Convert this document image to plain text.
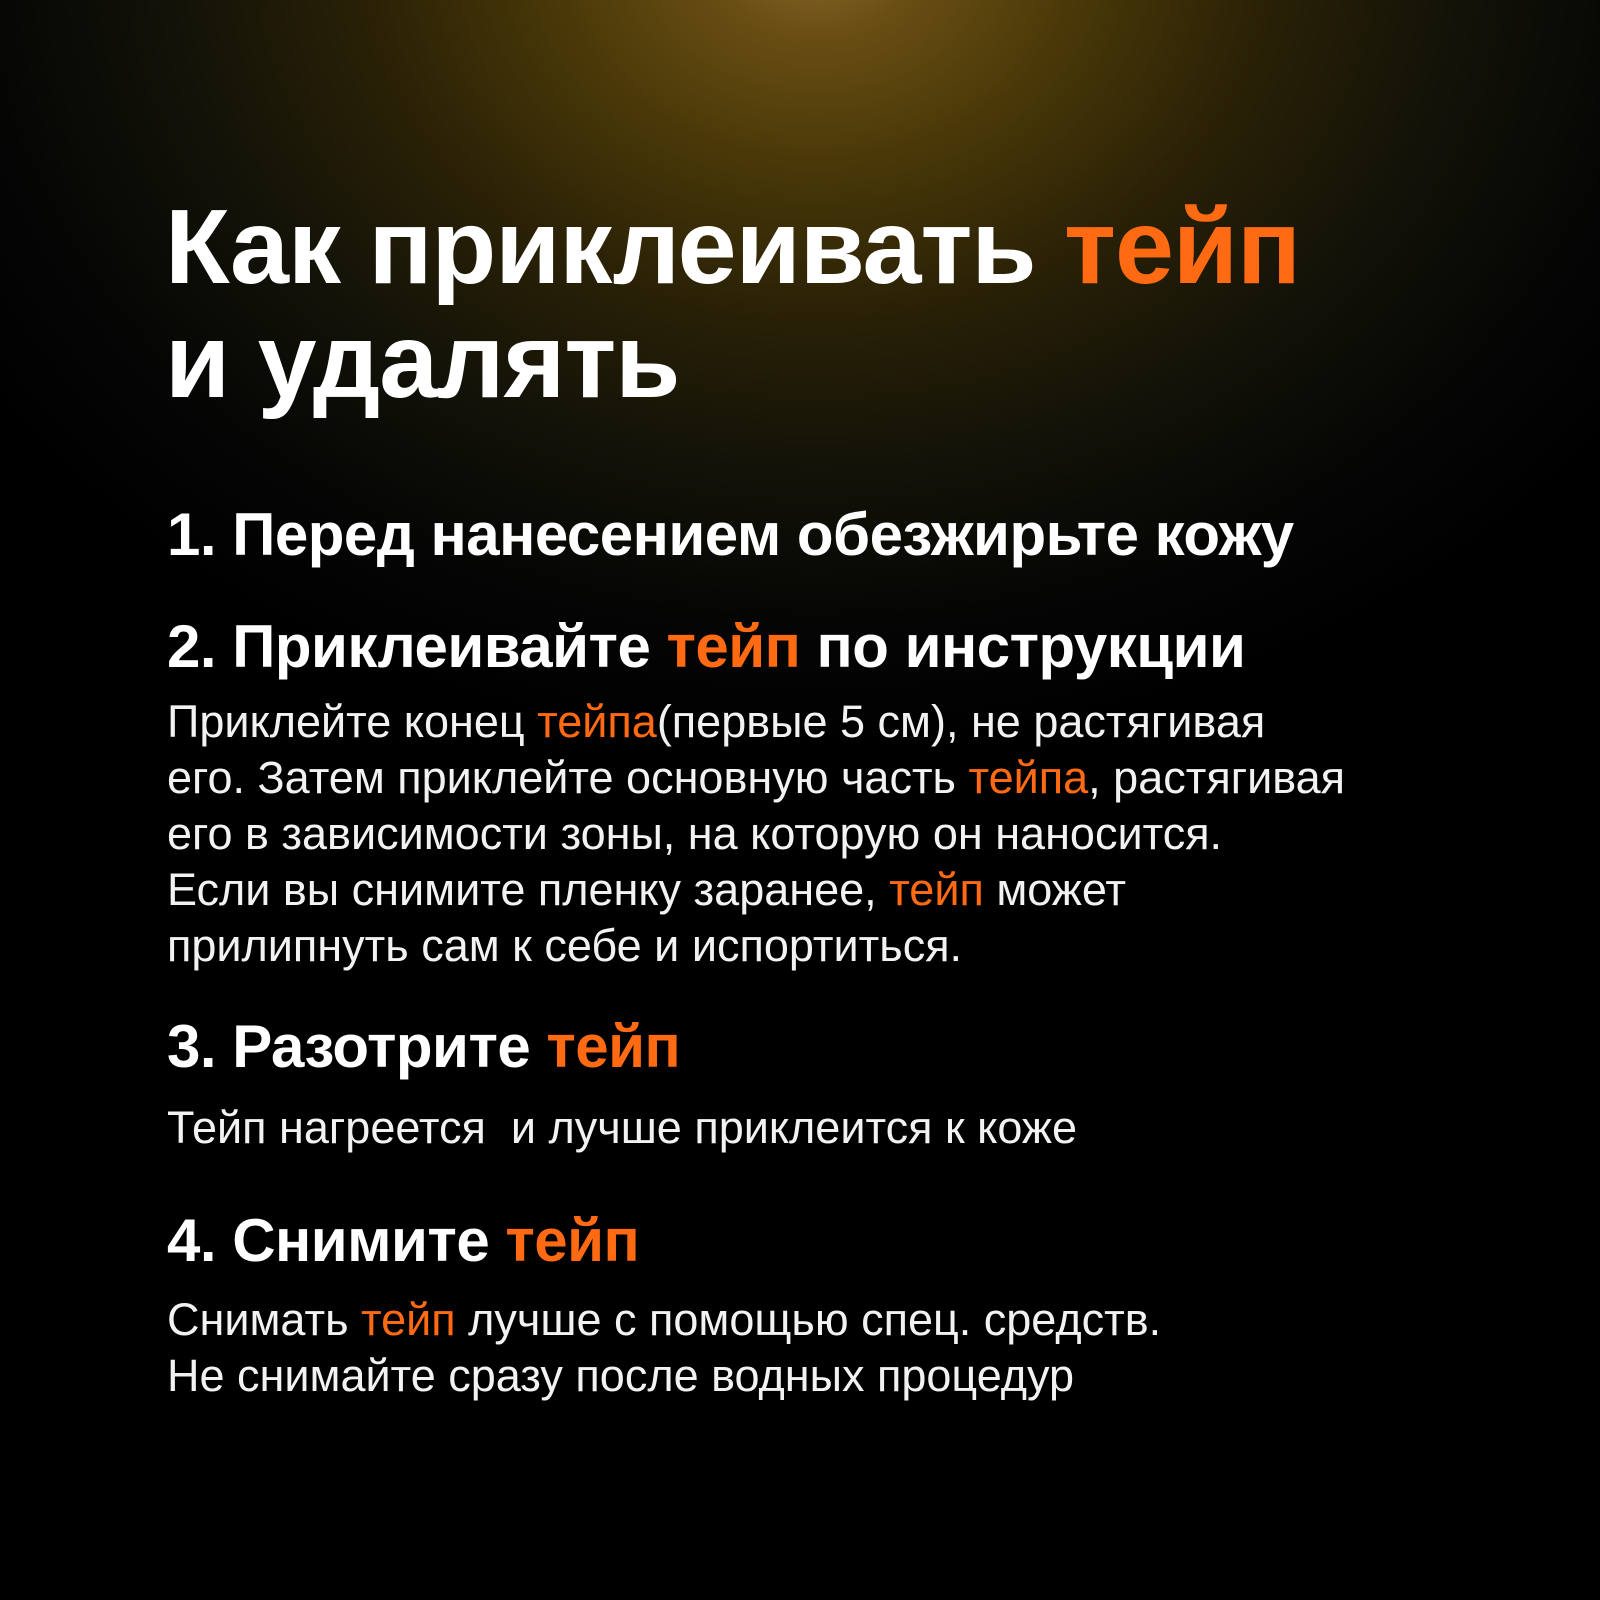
Как приклеивать тейп
и удалять
1. Перед нанесением обезжирьте кожу
2. Приклеивайте тейп по инструкции

Приклейте конец тейпа(первые 5 см), не растягивая
его. Затем приклейте основную часть тейпа, растягивая
его в зависимости зоны, на которую он наносится.
Если вы снимите пленку заранее, тейп может
прилипнуть сам к себе и испортиться.

3. Разотрите тейп

Тейп нагреется  и лучше приклеится к коже

4. Снимите тейп

Снимать тейп лучше с помощью спец. средств.
Не снимайте сразу после водных процедур
